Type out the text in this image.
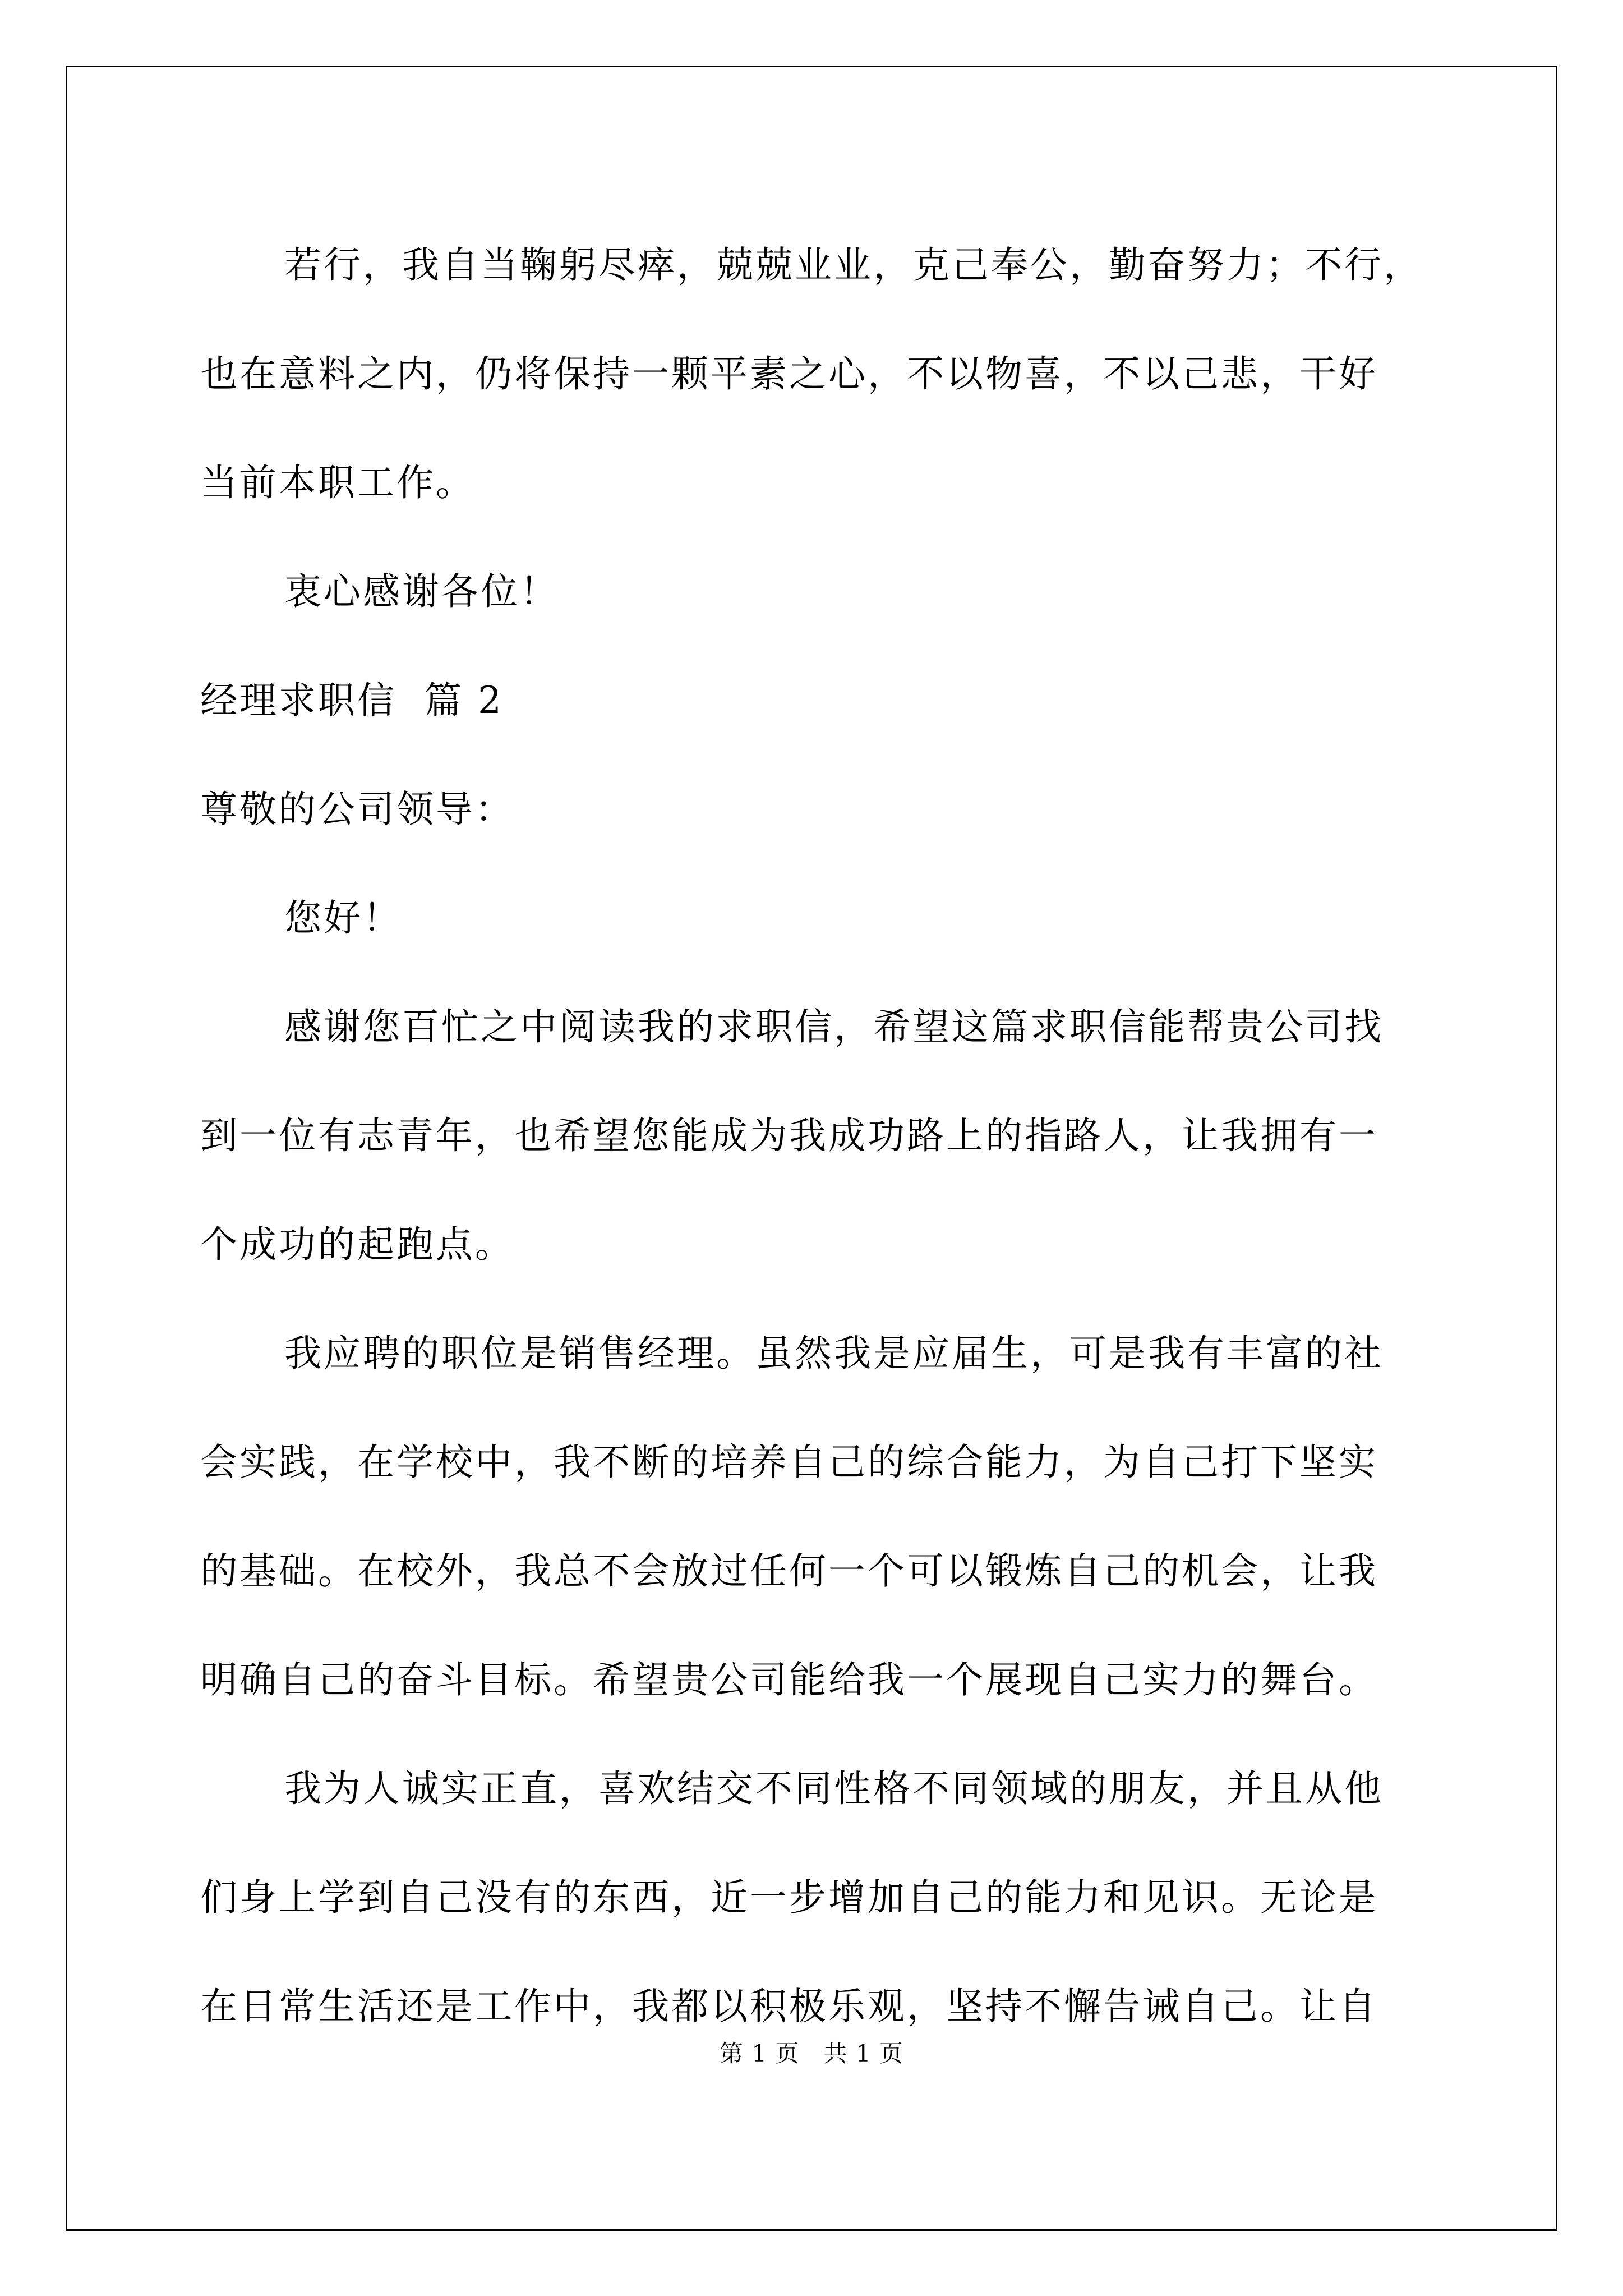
若行，我自当鞠躬尽瘁，兢兢业业，克己奉公，勤奋努力；不行，
也在意料之内，仍将保持一颗平素之心，不以物喜，不以己悲，干好
当前本职工作。
衷心感谢各位！
经理求职信  篇 2
尊敬的公司领导：
您好！
感谢您百忙之中阅读我的求职信，希望这篇求职信能帮贵公司找
到一位有志青年，也希望您能成为我成功路上的指路人，让我拥有一
个成功的起跑点。
我应聘的职位是销售经理。虽然我是应届生，可是我有丰富的社
会实践，在学校中，我不断的培养自己的综合能力，为自己打下坚实
的基础。在校外，我总不会放过任何一个可以锻炼自己的机会，让我
明确自己的奋斗目标。希望贵公司能给我一个展现自己实力的舞台。
我为人诚实正直，喜欢结交不同性格不同领域的朋友，并且从他
们身上学到自己没有的东西，近一步增加自己的能力和见识。无论是
在日常生活还是工作中，我都以积极乐观，坚持不懈告诫自己。让自
第 1 页   共 1 页
